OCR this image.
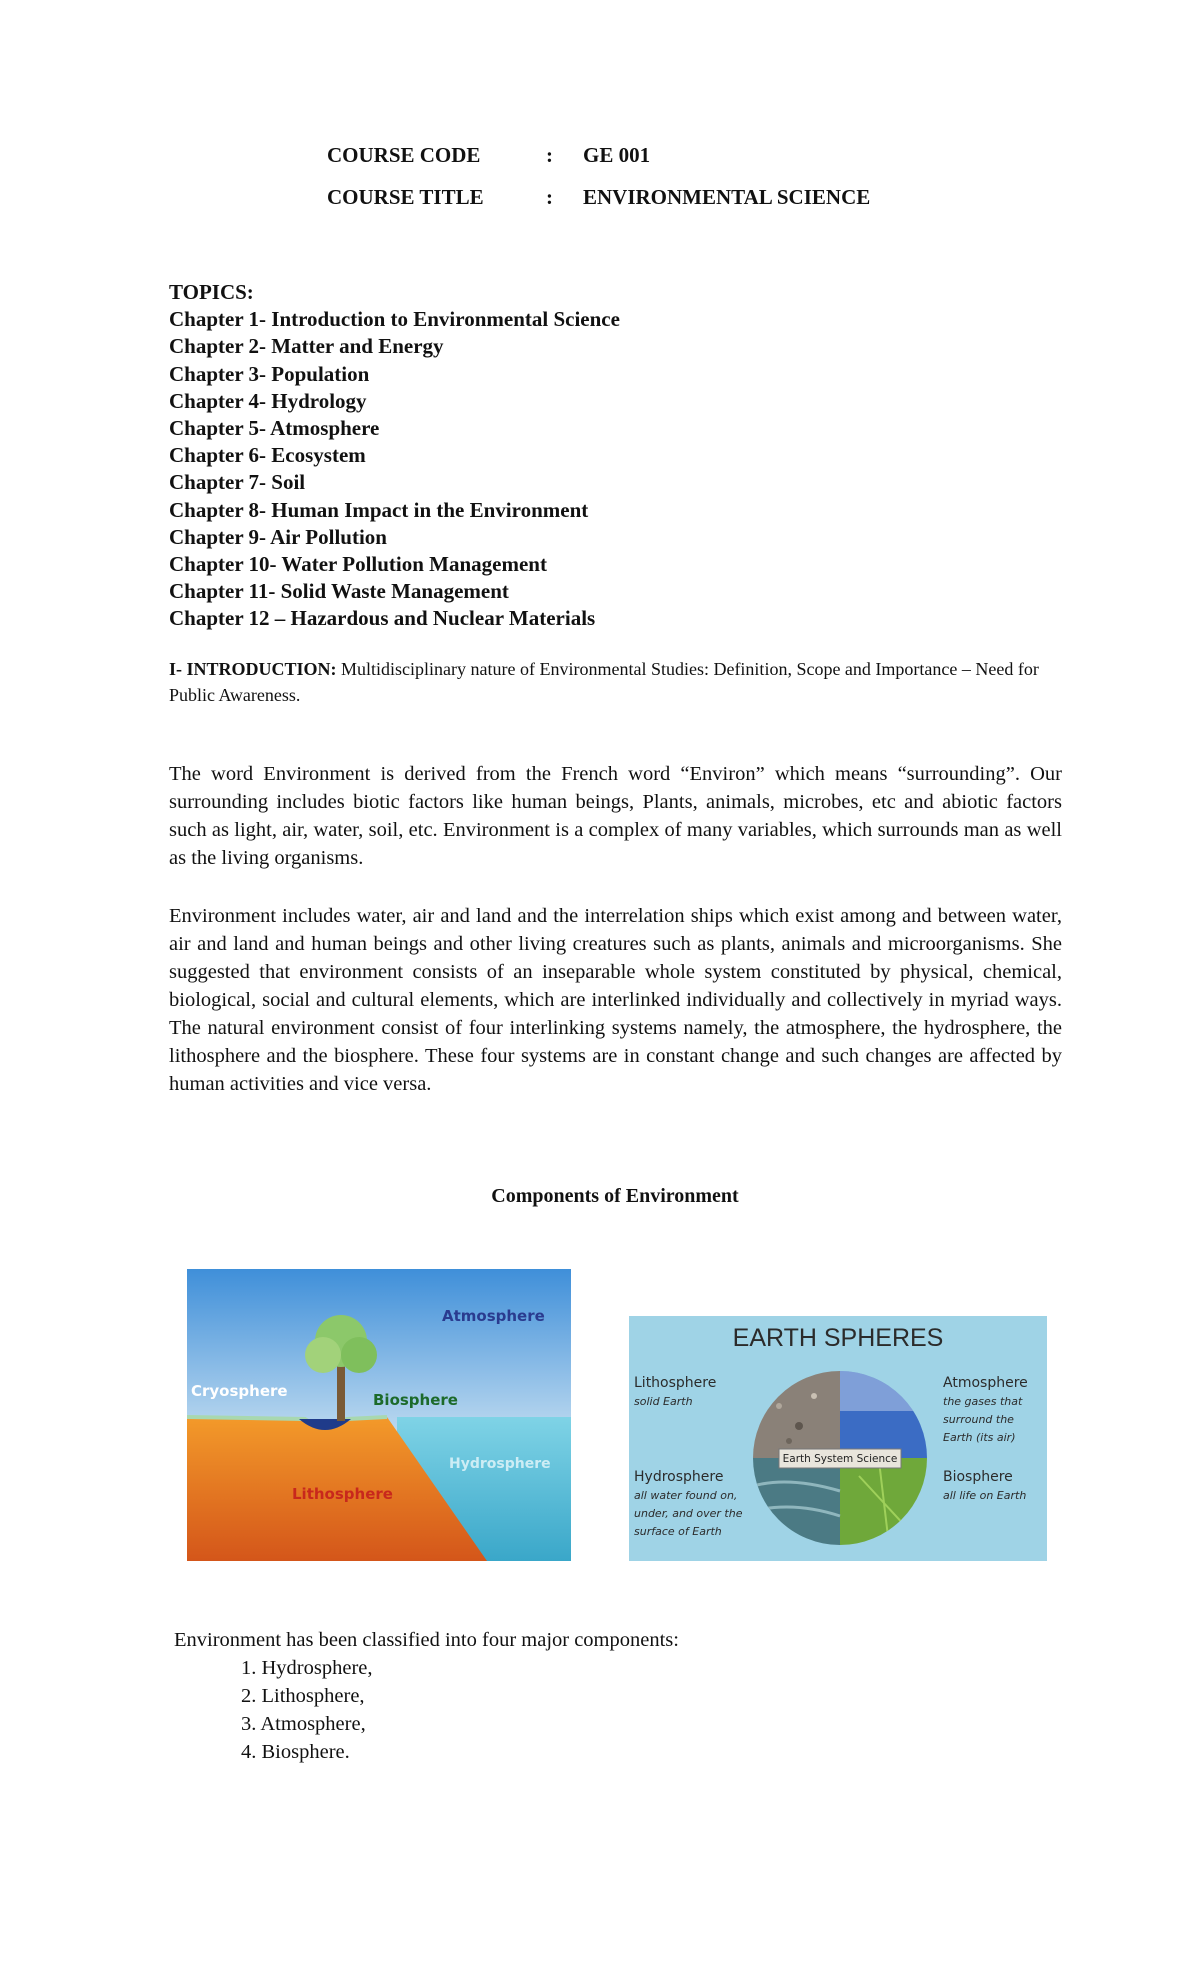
COURSE CODE	: GE 001
COURSE TITLE	: ENVIRONMENTAL SCIENCE
TOPICS:
Chapter 1- Introduction to Environmental Science
Chapter 2- Matter and Energy
Chapter 3- Population
Chapter 4- Hydrology
Chapter 5- Atmosphere
Chapter 6- Ecosystem
Chapter 7- Soil
Chapter 8- Human Impact in the Environment
Chapter 9- Air Pollution
Chapter 10- Water Pollution Management
Chapter 11- Solid Waste Management
Chapter 12 – Hazardous and Nuclear Materials
I- INTRODUCTION: Multidisciplinary nature of Environmental Studies: Definition, Scope and Importance – Need for Public Awareness.

The word Environment is derived from the French word “Environ” which means “surrounding”. Our surrounding includes biotic factors like human beings, Plants, animals, microbes, etc and abiotic factors such as light, air, water, soil, etc. Environment is a complex of many variables, which surrounds man as well as the living organisms.

Environment includes water, air and land and the interrelation ships which exist among and between water, air and land and human beings and other living creatures such as plants, animals and microorganisms. She suggested that environment consists of an inseparable whole system constituted by physical, chemical, biological, social and cultural elements, which are interlinked individually and collectively in myriad ways. The natural environment consist of four interlinking systems namely, the atmosphere, the hydrosphere, the lithosphere and the biosphere. These four systems are in constant change and such changes are affected by human activities and vice versa.

Components of Environment
Atmosphere
Cryosphere	Biosphere
Hydrosphere
Lithosphere
EARTH SPHERES
Earth System Science
Lithosphere
solid Earth
Atmosphere
the gases that
surround the
Earth (its air)
Hydrosphere
all water found on,
under, and over the
surface of Earth
Biosphere
all life on Earth
Environment has been classified into four major components:
1. Hydrosphere,
2. Lithosphere,
3. Atmosphere,
4. Biosphere.
